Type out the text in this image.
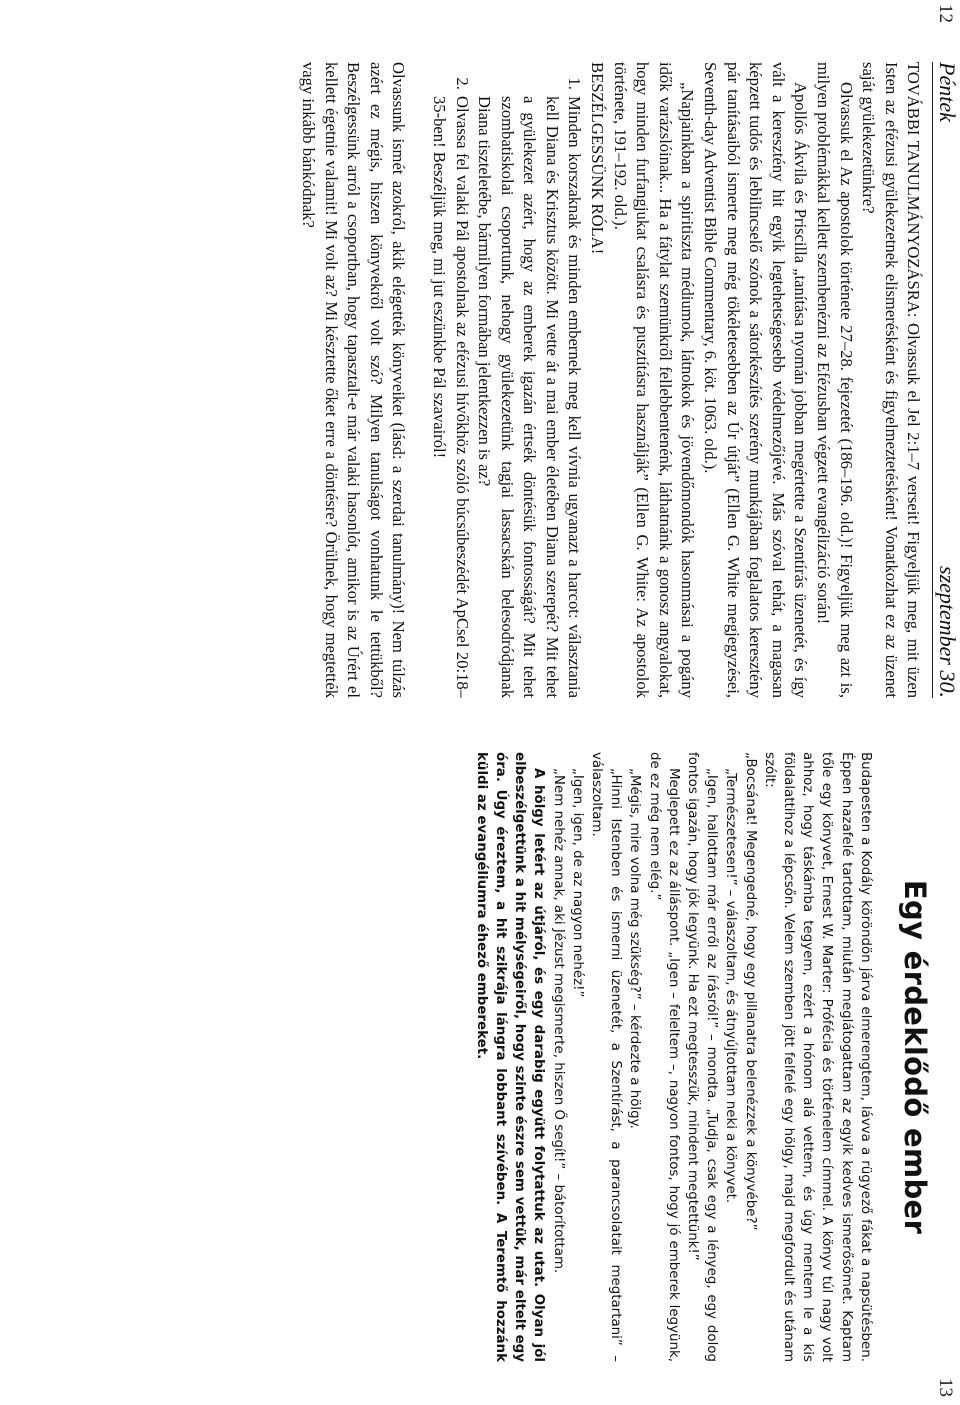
12
13
Péntek
szeptember 30.

TOVÁBBI TANULMÁNYOZÁSRA: Olvassuk el Jel 2:1–7 verseit! Figyeljük meg, mit üzen Isten az efézusi gyülekezetnek elismerésként és figyelmeztetésként! Vonatkozhat ez az üzenet saját gyülekezetünkre?

Olvassuk el Az apostolok története 27–28. fejezetét (186–196. old.)! Figyeljük meg azt is, milyen problémákkal kellett szembenézni az Efézusban végzett evangélizáció során!

Apollós Ákvila és Priscilla „tanítása nyomán jobban megértette a Szentírás üzenetét, és így vált a keresztény hit egyik legtehetségesebb védelmezőjévé. Más szóval tehát, a magasan képzett tudós és lebilincselő szónok a sátorkészítés szerény munkájában foglalatos keresztény pár tanításaiból ismerte meg még tökéletesebben az Úr útját” (Ellen G. White megjegyzései, Seventh-day Adventist Bible Commentary, 6. köt. 1063. old.).

„Napjainkban a spiritiszta médiumok, látnokok és jövendőmondók hasonmásai a pogány idők varázslóinak... Ha a fátylat szemünkről fellebbentenénk, láthatnánk a gonosz angyalokat, hogy minden furfangjukat csalásra és pusztításra használják” (Ellen G. White: Az apostolok története, 191–192. old.).

BESZÉLGESSÜNK RÓLA!

1. Minden korszaknak és minden embernek meg kell vívnia ugyanazt a harcot: választania kell Diana és Krisztus között. Mi vette át a mai ember életében Diana szerepét? Mit tehet a gyülekezet azért, hogy az emberek igazán értsék döntésük fontosságát? Mit tehet szombatiskolai csoportunk, nehogy gyülekezetünk tagjai lassacskán belesodródjanak Diana tiszteletébe, bármilyen formában jelentkezzen is az?
2. Olvassa fel valaki Pál apostolnak az efézusi hívőkhöz szóló búcsúbeszédét ApCsel 20:18–35-ben! Beszéljük meg, mi jut eszünkbe Pál szavairól!

Olvassunk ismét azokról, akik elégették könyveiket (lásd: a szerdai tanulmány)! Nem túlzás azért ez mégis, hiszen könyvekről volt szó? Milyen tanulságot vonhatunk le tettükből? Beszélgessünk arról a csoportban, hogy tapasztalt-e már valaki hasonlót, amikor is az Úrért el kellett égetnie valamit! Mi volt az? Mi késztette őket erre a döntésre? Örülnek, hogy megtették vagy inkább bánkódnak?

Egy érdeklődő ember

Budapesten a Kodály köröndön járva elmerengtem, lávva a rügyező fákat a napsütésben. Éppen hazafelé tartottam, miután meglátogattam az egyik kedves ismerősömet. Kaptam tőle egy könyvet, Ernest W. Marter: Prófécia és történelem címmel. A könyv túl nagy volt ahhoz, hogy táskámba tegyem, ezért a hónom alá vettem, és úgy mentem le a kis földalattihoz a lépcsőn. Velem szemben jött felfelé egy hölgy, majd megfordult és utánam szólt:

„Bocsánat! Megengedné, hogy egy pillanatra belenézzek a könyvébe?”

„Természetesen!” – válaszoltam, és átnyújtottam neki a könyvet.

„Igen, hallottam már erről az írásról!” – mondta. „Tudja, csak egy a lényeg, egy dolog fontos igazán, hogy jók legyünk. Ha ezt megtesszük, mindent megtettünk!”

Meglepett ez az álláspont. „Igen – feleltem –, nagyon fontos, hogy jó emberek legyünk, de ez még nem elég.”

„Mégis, mire volna még szükség?” – kérdezte a hölgy.

„Hinni Istenben és ismerni üzenetét, a Szentírást, a parancsolatait megtartani” – válaszoltam.

„Igen, igen, de az nagyon nehéz!”

„Nem nehéz annak, aki Jézust megismerte, hiszen Ő segít!” – bátorítottam.

A hölgy letért az útjáról, és egy darabig együtt folytattuk az utat. Olyan jól elbeszélgettünk a hit mélységeiről, hogy szinte észre sem vettük, már eltelt egy óra. Úgy éreztem, a hit szikrája lángra lobbant szívében. A Teremtő hozzánk küldi az evangéliumra éhező embereket.
